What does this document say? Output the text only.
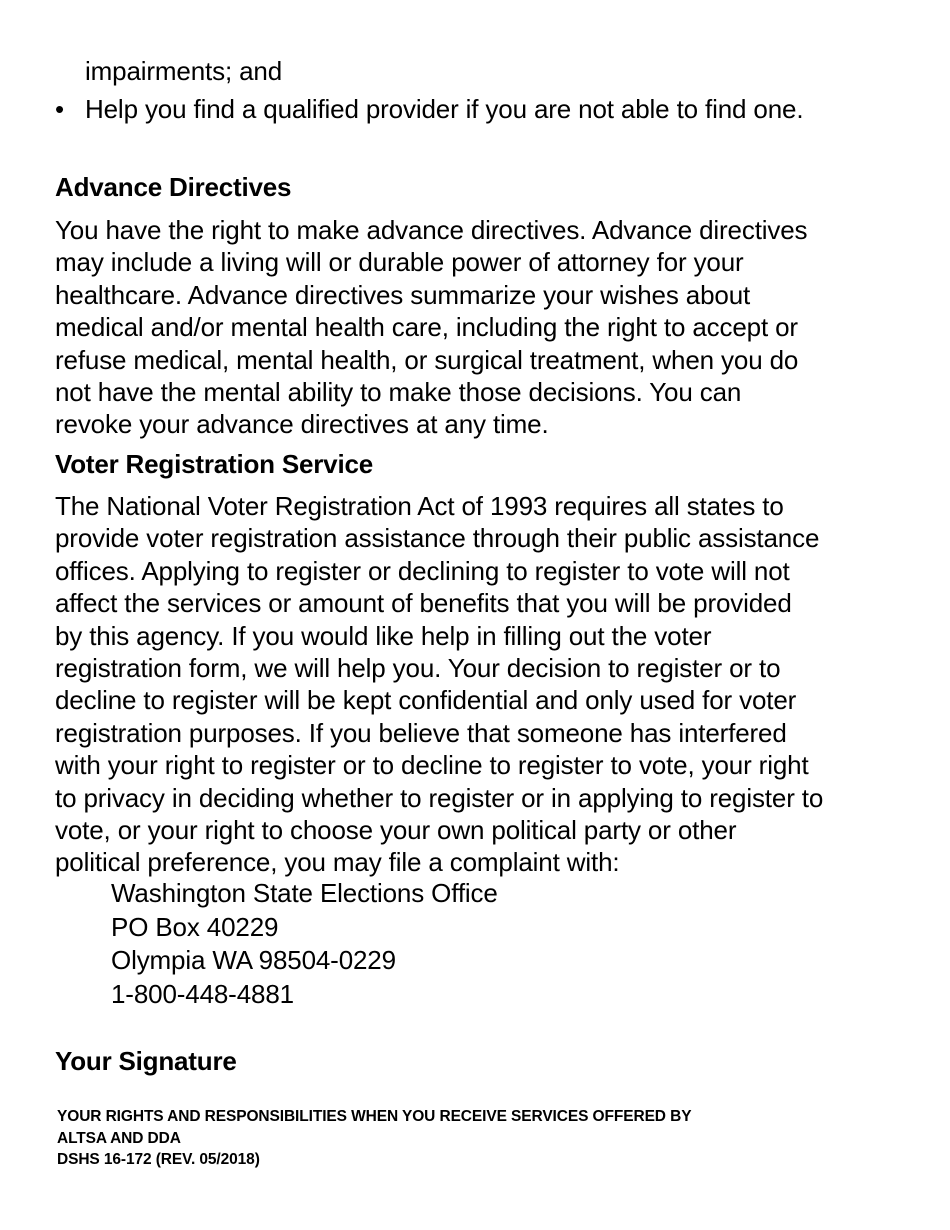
impairments; and
• Help you find a qualified provider if you are not able to find one.
Advance Directives
You have the right to make advance directives. Advance directives
may include a living will or durable power of attorney for your
healthcare. Advance directives summarize your wishes about
medical and/or mental health care, including the right to accept or
refuse medical, mental health, or surgical treatment, when you do
not have the mental ability to make those decisions. You can
revoke your advance directives at any time.
Voter Registration Service
The National Voter Registration Act of 1993 requires all states to
provide voter registration assistance through their public assistance
offices. Applying to register or declining to register to vote will not
affect the services or amount of benefits that you will be provided
by this agency. If you would like help in filling out the voter
registration form, we will help you. Your decision to register or to
decline to register will be kept confidential and only used for voter
registration purposes. If you believe that someone has interfered
with your right to register or to decline to register to vote, your right
to privacy in deciding whether to register or in applying to register to
vote, or your right to choose your own political party or other
political preference, you may file a complaint with:
Washington State Elections Office
PO Box 40229
Olympia WA 98504-0229
1-800-448-4881
Your Signature
YOUR RIGHTS AND RESPONSIBILITIES WHEN YOU RECEIVE SERVICES OFFERED BY
ALTSA AND DDA
DSHS 16-172 (REV. 05/2018)
